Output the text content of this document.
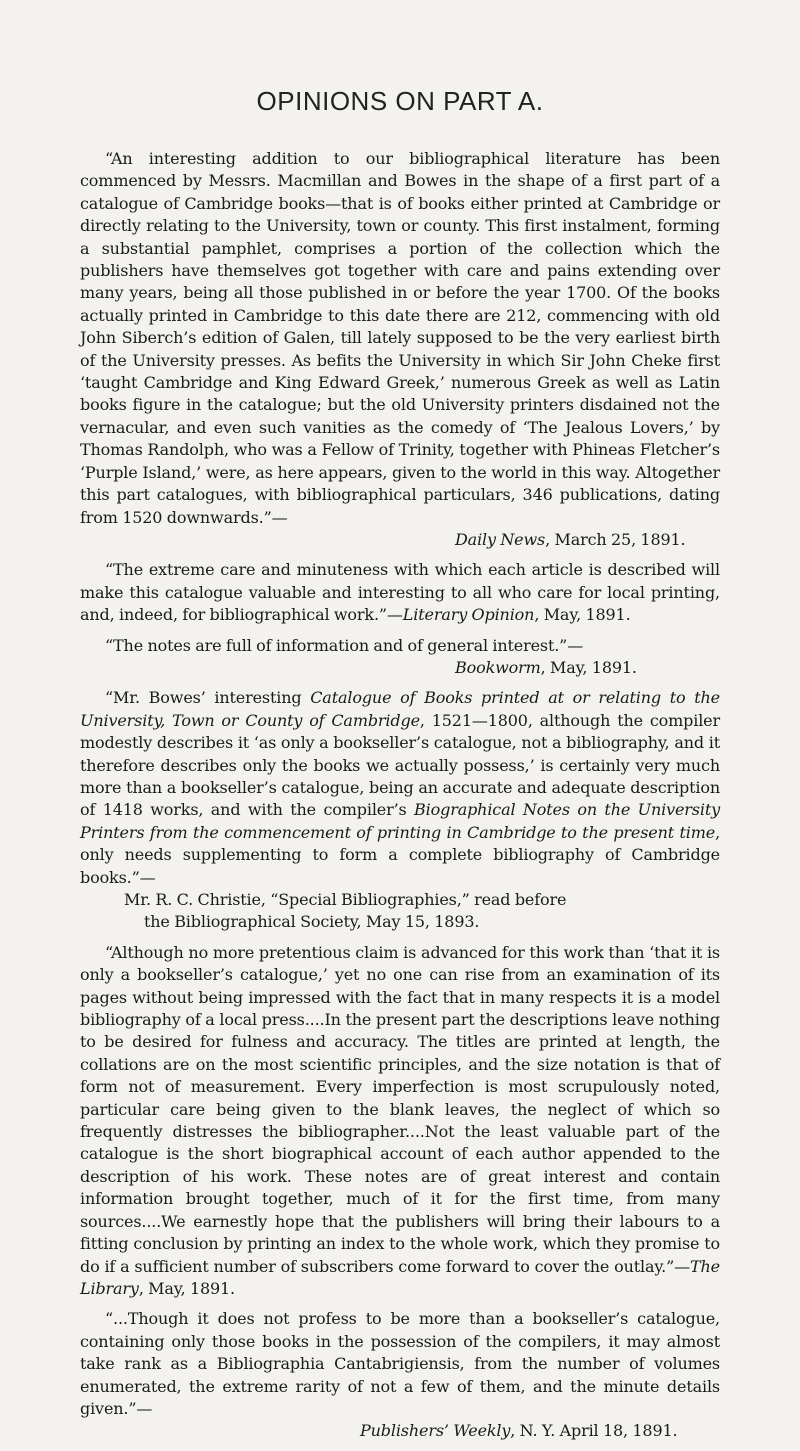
OPINIONS ON PART A.
“An interesting addition to our bibliographical literature has been commenced by Messrs. Macmillan and Bowes in the shape of a first part of a catalogue of Cambridge books—that is of books either printed at Cambridge or directly relating to the University, town or county. This first instalment, forming a substantial pamphlet, comprises a portion of the collection which the publishers have themselves got together with care and pains extending over many years, being all those published in or before the year 1700. Of the books actually printed in Cambridge to this date there are 212, commencing with old John Siberch’s edition of Galen, till lately supposed to be the very earliest birth of the University presses. As befits the University in which Sir John Cheke first ‘taught Cambridge and King Edward Greek,’ numerous Greek as well as Latin books figure in the catalogue; but the old University printers disdained not the vernacular, and even such vanities as the comedy of ‘The Jealous Lovers,’ by Thomas Randolph, who was a Fellow of Trinity, together with Phineas Fletcher’s ‘Purple Island,’ were, as here appears, given to the world in this way. Altogether this part catalogues, with bibliographical particulars, 346 publications, dating from 1520 downwards.”—
Daily News, March 25, 1891.
“The extreme care and minuteness with which each article is described will make this catalogue valuable and interesting to all who care for local printing, and, indeed, for bibliographical work.”—Literary Opinion, May, 1891.
“The notes are full of information and of general interest.”—
Bookworm, May, 1891.
“Mr. Bowes’ interesting Catalogue of Books printed at or relating to the University, Town or County of Cambridge, 1521—1800, although the compiler modestly describes it ‘as only a bookseller’s catalogue, not a bibliography, and it therefore describes only the books we actually possess,’ is certainly very much more than a bookseller’s catalogue, being an accurate and adequate description of 1418 works, and with the compiler’s Biographical Notes on the University Printers from the commencement of printing in Cambridge to the present time, only needs supplementing to form a complete bibliography of Cambridge books.”—
Mr. R. C. Christie, “Special Bibliographies,” read before
the Bibliographical Society, May 15, 1893.
“Although no more pretentious claim is advanced for this work than ‘that it is only a bookseller’s catalogue,’ yet no one can rise from an examination of its pages without being impressed with the fact that in many respects it is a model bibliography of a local press....In the present part the descriptions leave nothing to be desired for fulness and accuracy. The titles are printed at length, the collations are on the most scientific principles, and the size notation is that of form not of measurement. Every imperfection is most scrupulously noted, particular care being given to the blank leaves, the neglect of which so frequently distresses the bibliographer....Not the least valuable part of the catalogue is the short biographical account of each author appended to the description of his work. These notes are of great interest and contain information brought together, much of it for the first time, from many sources....We earnestly hope that the publishers will bring their labours to a fitting conclusion by printing an index to the whole work, which they promise to do if a sufficient number of subscribers come forward to cover the outlay.”—The Library, May, 1891.
“...Though it does not profess to be more than a bookseller’s catalogue, containing only those books in the possession of the compilers, it may almost take rank as a Bibliographia Cantabrigiensis, from the number of volumes enumerated, the extreme rarity of not a few of them, and the minute details given.”—
Publishers’ Weekly, N. Y. April 18, 1891.
